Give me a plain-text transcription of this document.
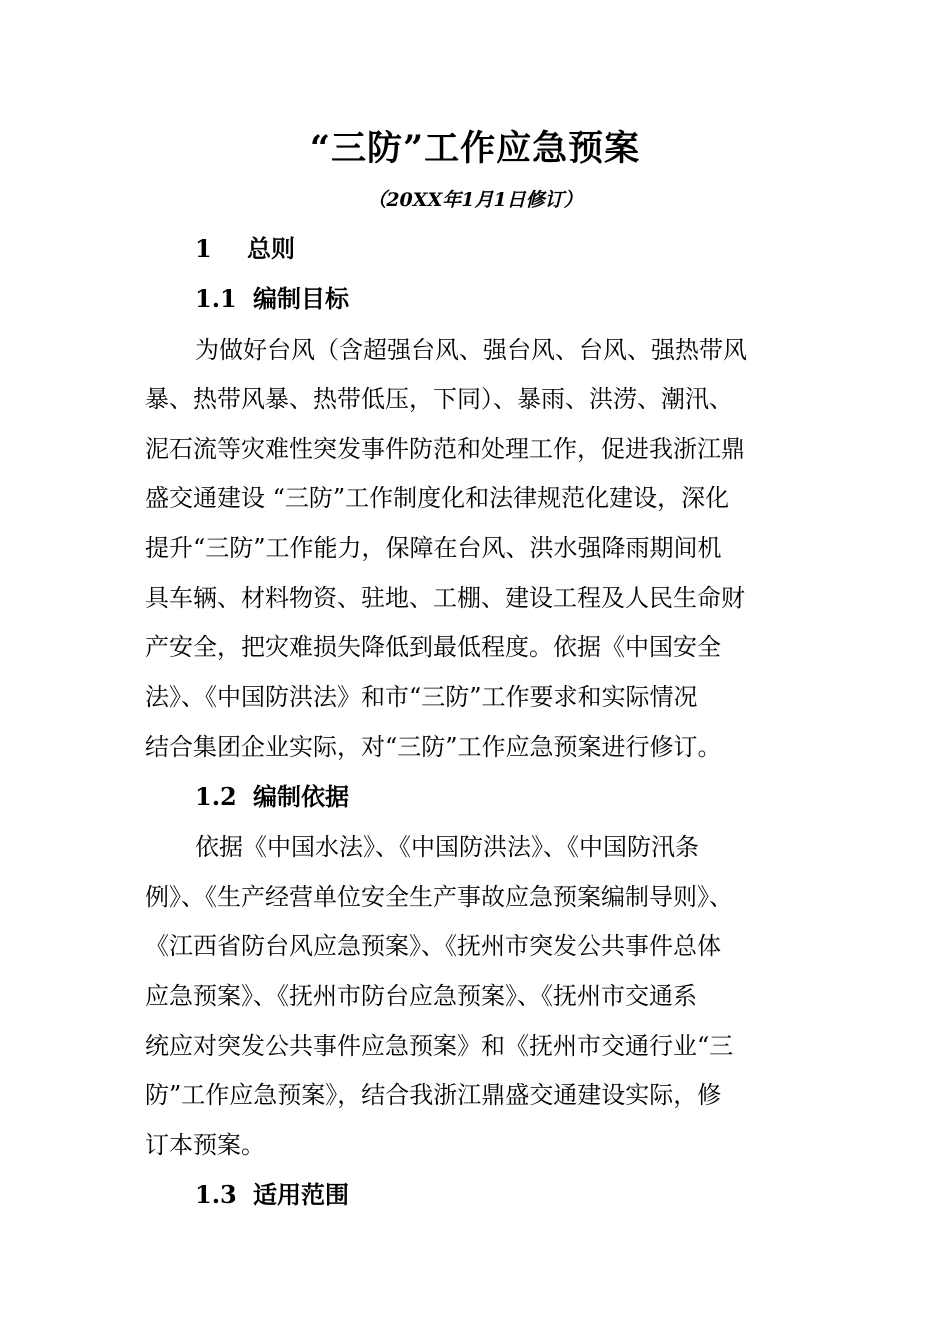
“三防”工作应急预案
（20XX年1月1日修订）
1 总则
1.1 编制目标
为做好台风（含超强台风、强台风、台风、强热带风
暴、热带风暴、热带低压，下同）、暴雨、洪涝、潮汛、
泥石流等灾难性突发事件防范和处理工作，促进我浙江鼎
盛交通建设 “三防”工作制度化和法律规范化建设，深化
提升“三防”工作能力，保障在台风、洪水强降雨期间机
具车辆、材料物资、驻地、工棚、建设工程及人民生命财
产安全，把灾难损失降低到最低程度。依据《中国安全
法》、《中国防洪法》和市“三防”工作要求和实际情况
结合集团企业实际，对“三防”工作应急预案进行修订。
1.2 编制依据
依据《中国水法》、《中国防洪法》、《中国防汛条
例》、《生产经营单位安全生产事故应急预案编制导则》、
《江西省防台风应急预案》、《抚州市突发公共事件总体
应急预案》、《抚州市防台应急预案》、《抚州市交通系
统应对突发公共事件应急预案》和《抚州市交通行业“三
防”工作应急预案》，结合我浙江鼎盛交通建设实际，修
订本预案。
1.3 适用范围
